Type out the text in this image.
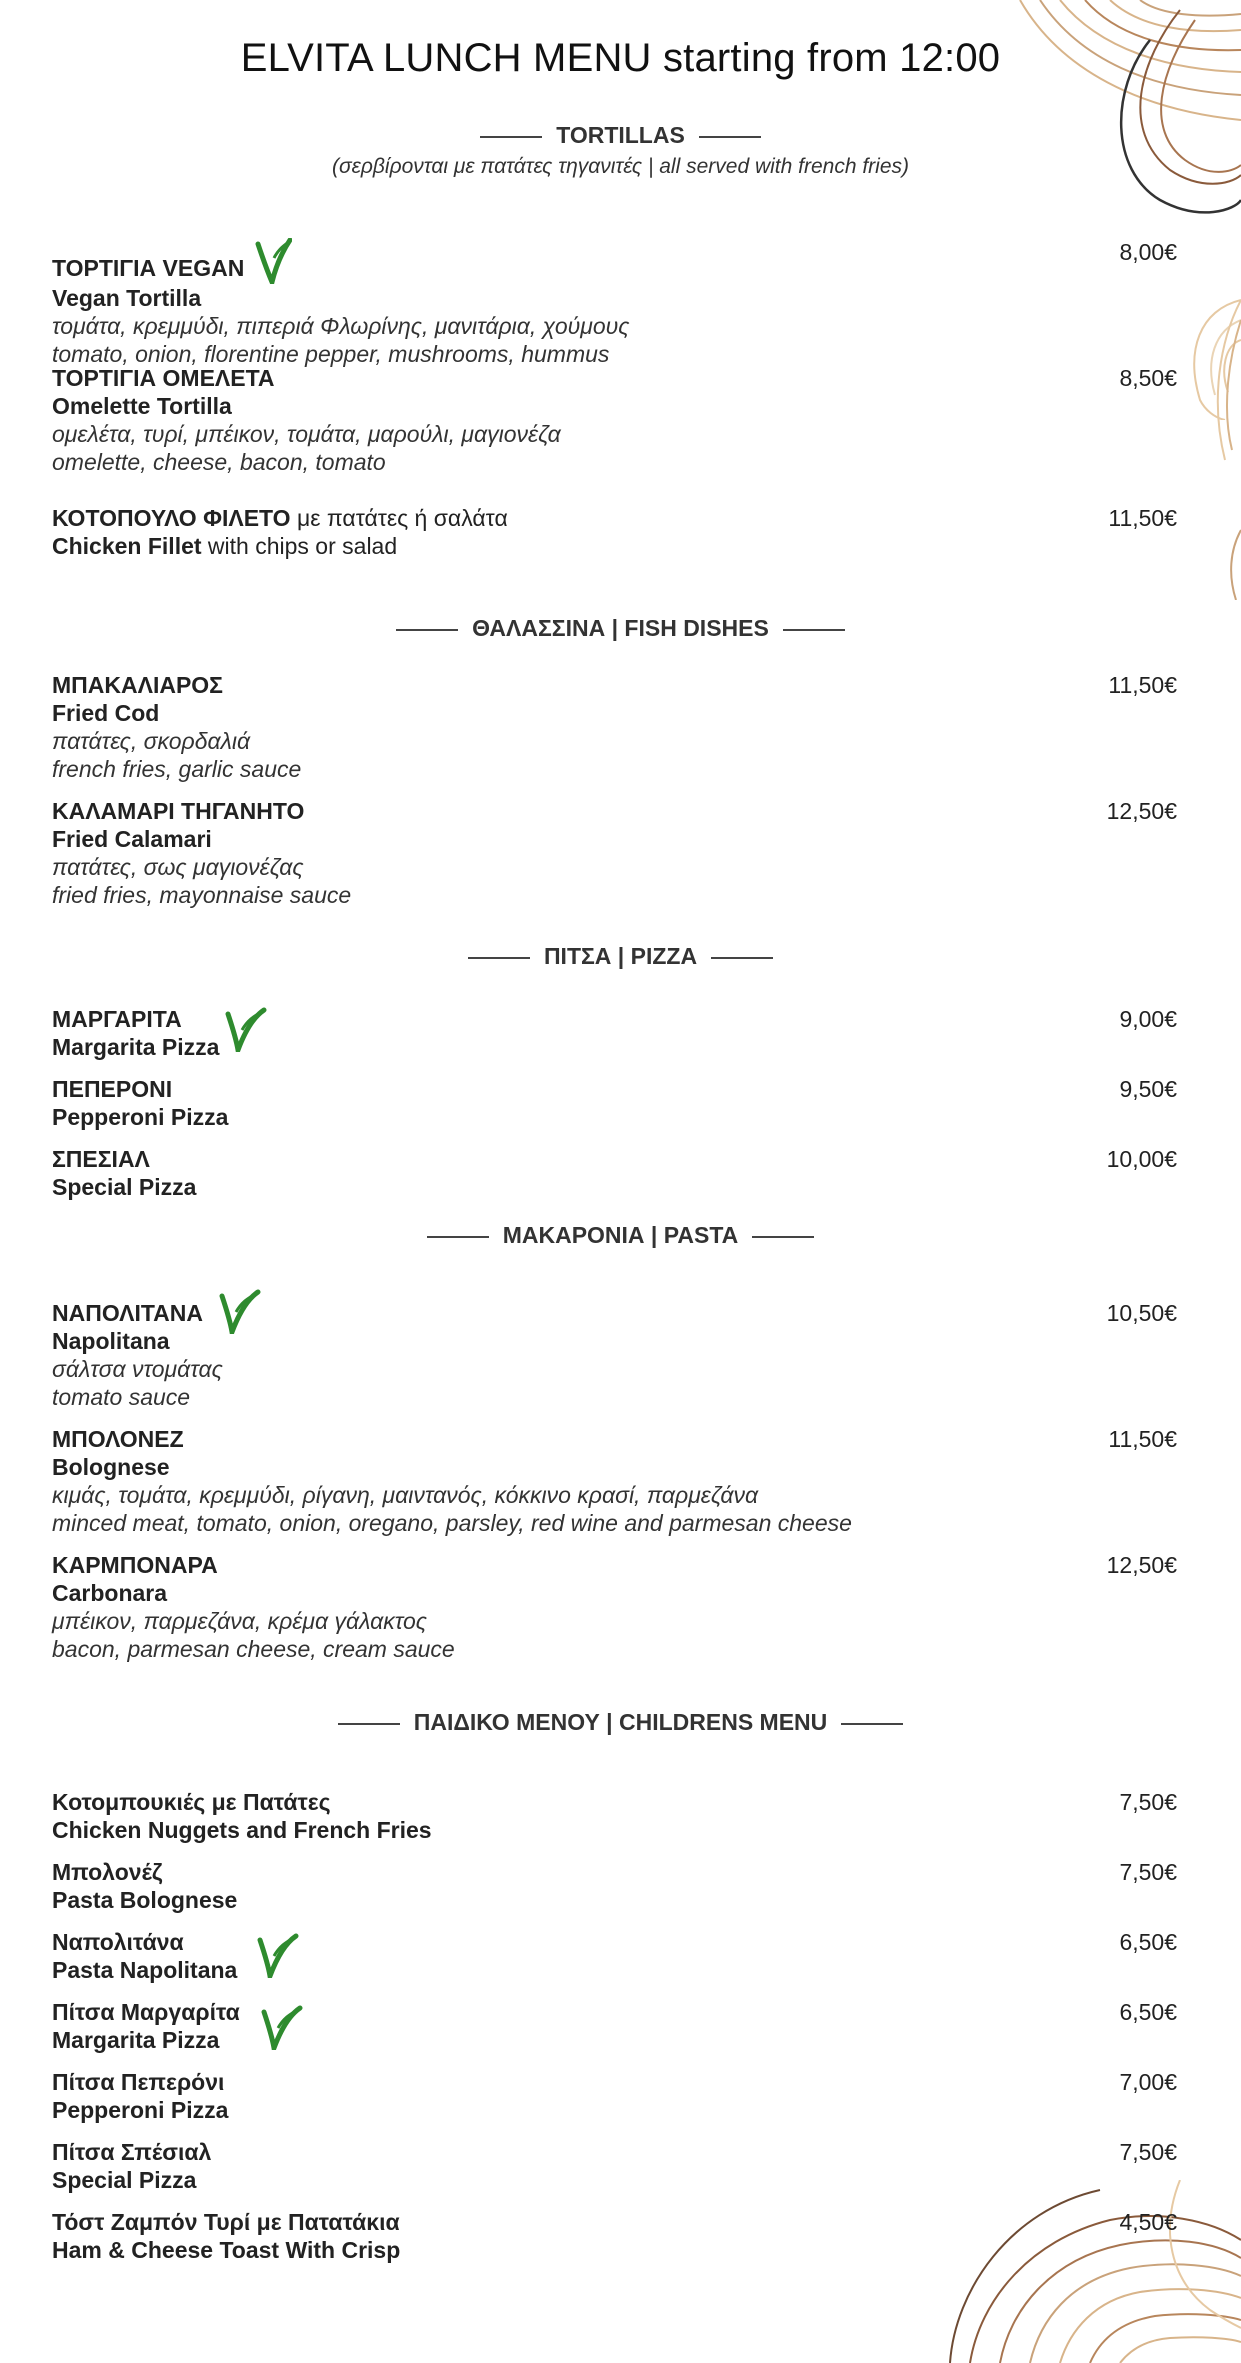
ELVITA LUNCH MENU starting from 12:00
TORTILLAS
(σερβίρονται με πατάτες τηγανιτές | all served with french fries)
ΤΟΡΤΙΓΙΑ VEGAN
Vegan Tortilla
τομάτα, κρεμμύδι, πιπεριά Φλωρίνης, μανιτάρια, χούμους
tomato, onion, florentine pepper, mushrooms, hummus
8,00€
ΤΟΡΤΙΓΙΑ ΟΜΕΛΕΤΑ
Omelette Tortilla
ομελέτα, τυρί, μπέικον, τομάτα, μαρούλι, μαγιονέζα
omelette, cheese, bacon, tomato
8,50€
ΚΟΤΟΠΟΥΛΟ ΦΙΛΕΤΟ με πατάτες ή σαλάτα
Chicken Fillet with chips or salad
11,50€
ΘΑΛΑΣΣΙΝΑ | FISH DISHES
ΜΠΑΚΑΛΙΑΡΟΣ
Fried Cod
πατάτες, σκορδαλιά
french fries, garlic sauce
11,50€
ΚΑΛΑΜΑΡΙ ΤΗΓΑΝΗΤΟ
Fried Calamari
πατάτες, σως μαγιονέζας
fried fries, mayonnaise sauce
12,50€
ΠΙΤΣΑ | PIZZA
ΜΑΡΓΑΡΙΤΑ
Margarita Pizza
9,00€
ΠΕΠΕΡΟΝΙ
Pepperoni Pizza
9,50€
ΣΠΕΣΙΑΛ
Special Pizza
10,00€
ΜΑΚΑΡΟΝΙΑ | PASTA
ΝΑΠΟΛΙΤΑΝΑ
Napolitana
σάλτσα ντομάτας
tomato sauce
10,50€
ΜΠΟΛΟΝΕΖ
Bolognese
κιμάς, τομάτα, κρεμμύδι, ρίγανη, μαιντανός, κόκκινο κρασί, παρμεζάνα
minced meat, tomato, onion, oregano, parsley, red wine and parmesan cheese
11,50€
ΚΑΡΜΠΟΝΑΡΑ
Carbonara
μπέικον, παρμεζάνα, κρέμα γάλακτος
bacon, parmesan cheese, cream sauce
12,50€
ΠΑΙΔΙΚΟ ΜΕΝΟΥ | CHILDRENS MENU
Κοτομπουκιές με Πατάτες
Chicken Nuggets and French Fries
7,50€
Μπολονέζ
Pasta Bolognese
7,50€
Ναπολιτάνα
Pasta Napolitana
6,50€
Πίτσα Μαργαρίτα
Margarita Pizza
6,50€
Πίτσα Πεπερόνι
Pepperoni Pizza
7,00€
Πίτσα Σπέσιαλ
Special Pizza
7,50€
Τόστ Ζαμπόν Τυρί με Πατατάκια
Ham & Cheese Toast With Crisp
4,50€
